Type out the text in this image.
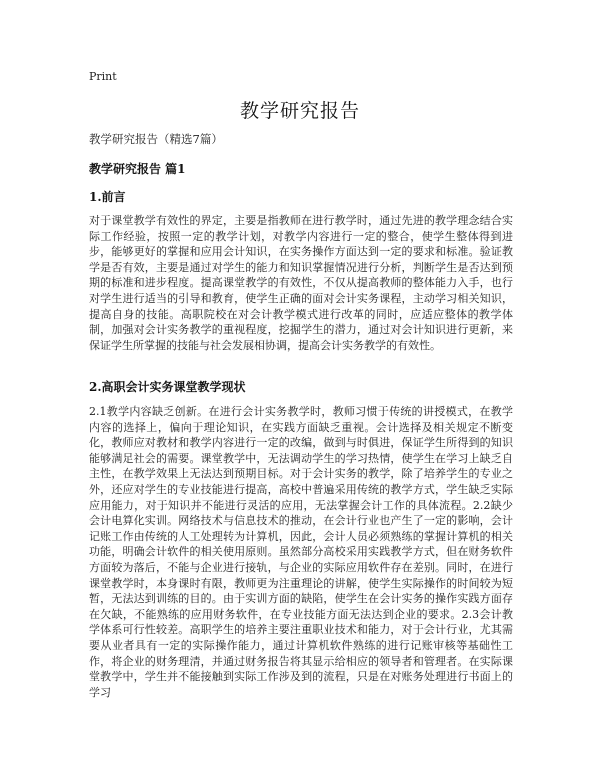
Print
教学研究报告
教学研究报告（精选7篇）
教学研究报告 篇1
1.前言

对于课堂教学有效性的界定，主要是指教师在进行教学时，通过先进的教学理念结合实际工作经验，按照一定的教学计划，对教学内容进行一定的整合，使学生整体得到进步，能够更好的掌握和应用会计知识，在实务操作方面达到一定的要求和标准。验证教学是否有效，主要是通过对学生的能力和知识掌握情况进行分析，判断学生是否达到预期的标准和进步程度。提高课堂教学的有效性，不仅从提高教师的整体能力入手，也行对学生进行适当的引导和教育，使学生正确的面对会计实务课程，主动学习相关知识，提高自身的技能。高职院校在对会计教学模式进行改革的同时，应适应整体的教学体制，加强对会计实务教学的重视程度，挖掘学生的潜力，通过对会计知识进行更新，来保证学生所掌握的技能与社会发展相协调，提高会计实务教学的有效性。

2.高职会计实务课堂教学现状

2.1教学内容缺乏创新。在进行会计实务教学时，教师习惯于传统的讲授模式，在教学内容的选择上，偏向于理论知识，在实践方面缺乏重视。会计选择及相关规定不断变化，教师应对教材和教学内容进行一定的改编，做到与时俱进，保证学生所得到的知识能够满足社会的需要。课堂教学中，无法调动学生的学习热情，使学生在学习上缺乏自主性，在教学效果上无法达到预期目标。对于会计实务的教学，除了培养学生的专业之外，还应对学生的专业技能进行提高，高校中普遍采用传统的教学方式，学生缺乏实际应用能力，对于知识并不能进行灵活的应用，无法掌握会计工作的具体流程。2.2缺少会计电算化实训。网络技术与信息技术的推动，在会计行业也产生了一定的影响，会计记账工作由传统的人工处理转为计算机，因此，会计人员必须熟练的掌握计算机的相关功能，明确会计软件的相关使用原则。虽然部分高校采用实践教学方式，但在财务软件方面较为落后，不能与企业进行接轨，与企业的实际应用软件存在差别。同时，在进行课堂教学时，本身课时有限，教师更为注重理论的讲解，使学生实际操作的时间较为短暂，无法达到训练的目的。由于实训方面的缺陷，使学生在会计实务的操作实践方面存在欠缺，不能熟练的应用财务软件，在专业技能方面无法达到企业的要求。2.3会计教学体系可行性较差。高职学生的培养主要注重职业技术和能力，对于会计行业，尤其需要从业者具有一定的实际操作能力，通过计算机软件熟练的进行记账审核等基础性工作，将企业的财务理清，并通过财务报告将其显示给相应的领导者和管理者。在实际课堂教学中，学生并不能接触到实际工作涉及到的流程，只是在对账务处理进行书面上的学习
